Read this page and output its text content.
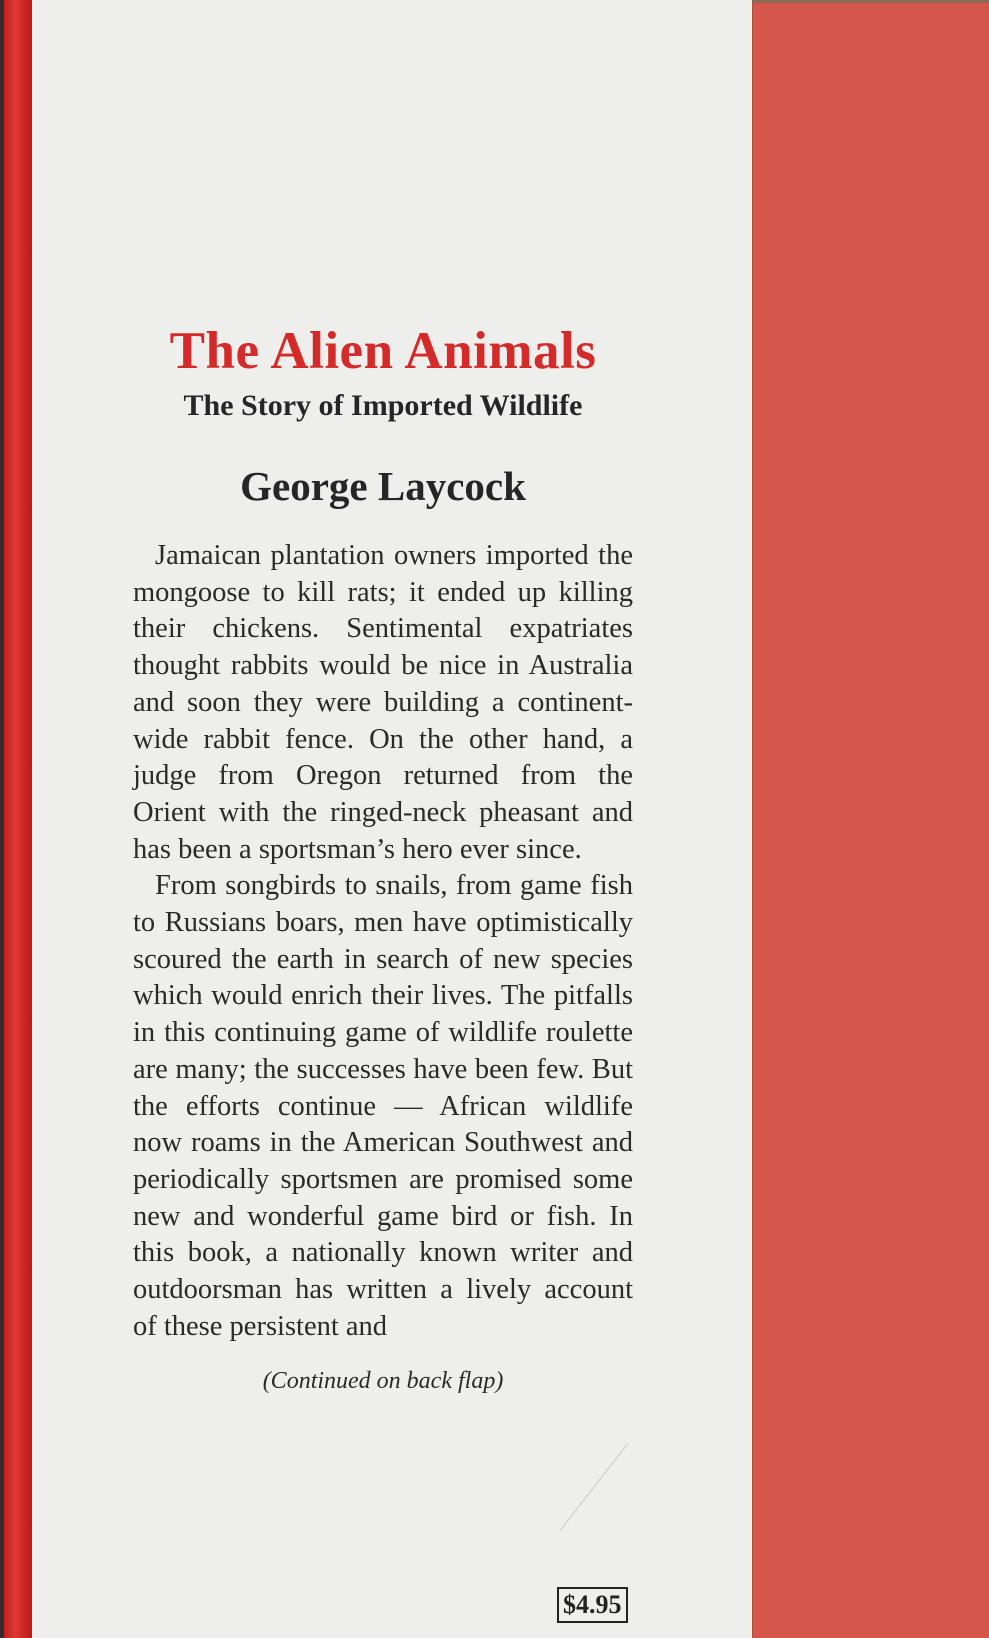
The Alien Animals
The Story of Imported Wildlife
George Laycock

Jamaican plantation owners imported the mongoose to kill rats; it ended up killing their chickens. Sentimental expatriates thought rabbits would be nice in Australia and soon they were building a continent-wide rabbit fence. On the other hand, a judge from Oregon returned from the Orient with the ringed-neck pheasant and has been a sportsman’s hero ever since.

From songbirds to snails, from game fish to Russians boars, men have optimistically scoured the earth in search of new species which would enrich their lives. The pitfalls in this continuing game of wildlife roulette are many; the successes have been few. But the efforts continue — African wildlife now roams in the American Southwest and periodically sportsmen are promised some new and wonderful game bird or fish. In this book, a nationally known writer and outdoorsman has written a lively account of these persistent and

(Continued on back flap)
$4.95
